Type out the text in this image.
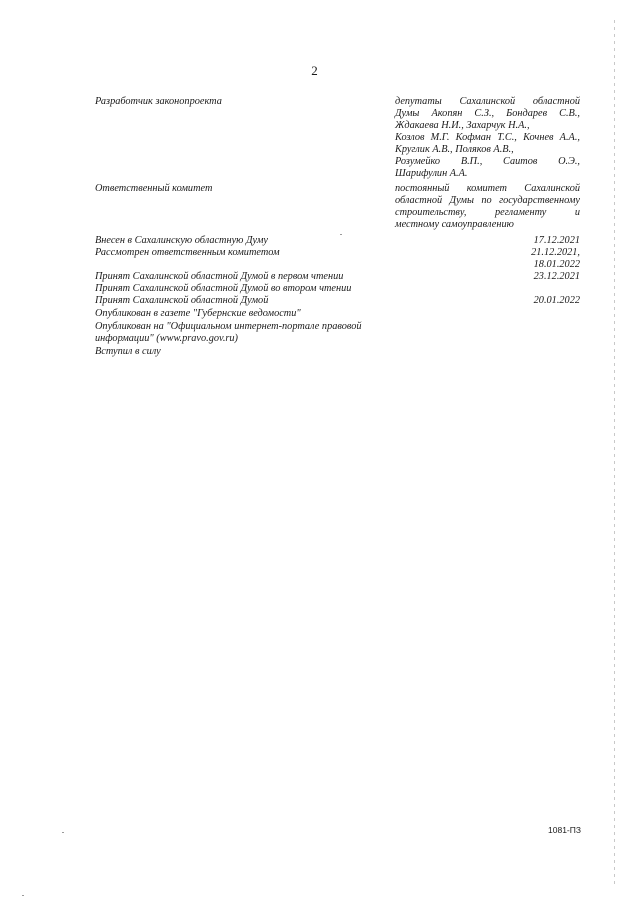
2
Разработчик законопроекта	депутаты Сахалинской областной
Думы Акопян С.З., Бондарев С.В.,
Ждакаева Н.И., Захарчук Н.А.,
Козлов М.Г. Кофман Т.С., Кочнев А.А.,
Круглик А.В., Поляков А.В.,
Розумейко В.П., Саитов О.Э.,
Шарифулин А.А.
Ответственный комитет	постоянный комитет Сахалинской
областной Думы по государственному
строительству, регламенту и
местному самоуправлению
Внесен в Сахалинскую областную Думу	17.12.2021
Рассмотрен ответственным комитетом	21.12.2021,
18.01.2022
Принят Сахалинской областной Думой в первом чтении	23.12.2021
Принят Сахалинской областной Думой во втором чтении
Принят Сахалинской областной Думой	20.01.2022
Опубликован в газете "Губернские ведомости"
Опубликован на "Официальном интернет-портале правовой
информации" (www.pravo.gov.ru)
Вступил в силу
1081-ПЗ
